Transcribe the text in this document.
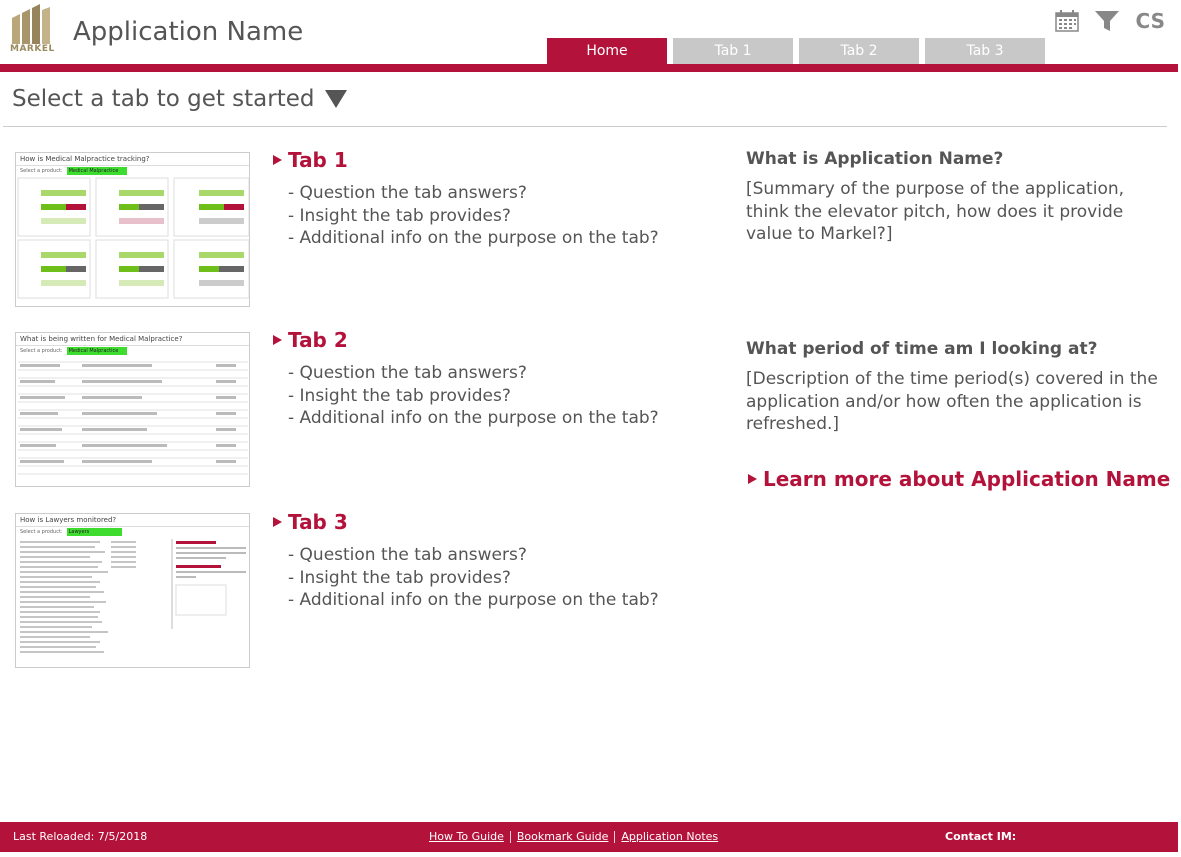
MARKEL
Application Name	CS
Home	Tab 1	Tab 2	Tab 3
Select a tab to get started
How is Medical Malpractice tracking?
Select a product:	Medical Malpractice
What is being written for Medical Malpractice?
Select a product:	Medical Malpractice
How is Lawyers monitored?
Select a product:	Lawyers
Tab 1
- Question the tab answers?
- Insight the tab provides?
- Additional info on the purpose on the tab?
Tab 2
- Question the tab answers?
- Insight the tab provides?
- Additional info on the purpose on the tab?
Tab 3
- Question the tab answers?
- Insight the tab provides?
- Additional info on the purpose on the tab?
What is Application Name?
[Summary of the purpose of the application, think the elevator pitch, how does it provide value to Markel?]
What period of time am I looking at?
[Description of the time period(s) covered in the application and/or how often the application is refreshed.]
Learn more about Application Name
Last Reloaded: 7/5/2018	How To Guide Bookmark Guide Application Notes	Contact IM:
